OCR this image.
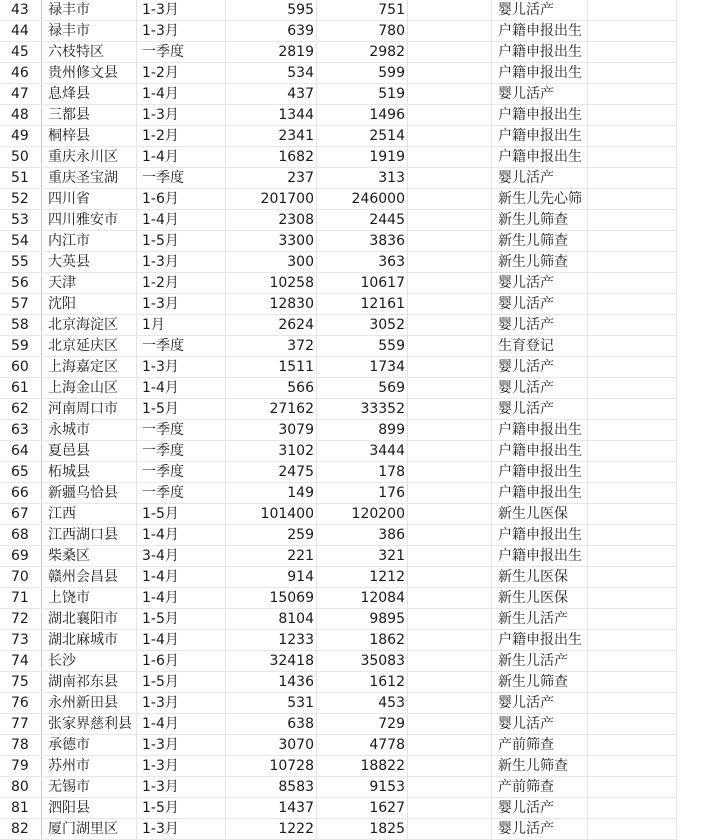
43	禄丰市	1-3月	595	751	婴儿活产
44	禄丰市	1-3月	639	780	户籍申报出生
45	六枝特区	一季度	2819	2982	户籍申报出生
46	贵州修文县	1-2月	534	599	户籍申报出生
47	息烽县	1-4月	437	519	婴儿活产
48	三都县	1-3月	1344	1496	户籍申报出生
49	桐梓县	1-2月	2341	2514	户籍申报出生
50	重庆永川区	1-4月	1682	1919	户籍申报出生
51	重庆圣宝湖	一季度	237	313	婴儿活产
52	四川省	1-6月	201700	246000	新生儿先心筛
53	四川雅安市	1-4月	2308	2445	新生儿筛查
54	内江市	1-5月	3300	3836	新生儿筛查
55	大英县	1-3月	300	363	新生儿筛查
56	天津	1-2月	10258	10617	婴儿活产
57	沈阳	1-3月	12830	12161	婴儿活产
58	北京海淀区	1月	2624	3052	婴儿活产
59	北京延庆区	一季度	372	559	生育登记
60	上海嘉定区	1-3月	1511	1734	婴儿活产
61	上海金山区	1-4月	566	569	婴儿活产
62	河南周口市	1-5月	27162	33352	婴儿活产
63	永城市	一季度	3079	899	户籍申报出生
64	夏邑县	一季度	3102	3444	户籍申报出生
65	柘城县	一季度	2475	178	户籍申报出生
66	新疆乌恰县	一季度	149	176	户籍申报出生
67	江西	1-5月	101400	120200	新生儿医保
68	江西湖口县	1-4月	259	386	户籍申报出生
69	柴桑区	3-4月	221	321	户籍申报出生
70	赣州会昌县	1-4月	914	1212	新生儿医保
71	上饶市	1-4月	15069	12084	新生儿医保
72	湖北襄阳市	1-5月	8104	9895	新生儿活产
73	湖北麻城市	1-4月	1233	1862	户籍申报出生
74	长沙	1-6月	32418	35083	新生儿活产
75	湖南祁东县	1-5月	1436	1612	新生儿筛查
76	永州新田县	1-3月	531	453	婴儿活产
77	张家界慈利县 1-4月	638	729	婴儿活产
78	承德市	1-3月	3070	4778	产前筛查
79	苏州市	1-3月	10728	18822	新生儿筛查
80	无锡市	1-3月	8583	9153	产前筛查
81	泗阳县	1-5月	1437	1627	婴儿活产
82	厦门湖里区	1-3月	1222	1825	婴儿活产
